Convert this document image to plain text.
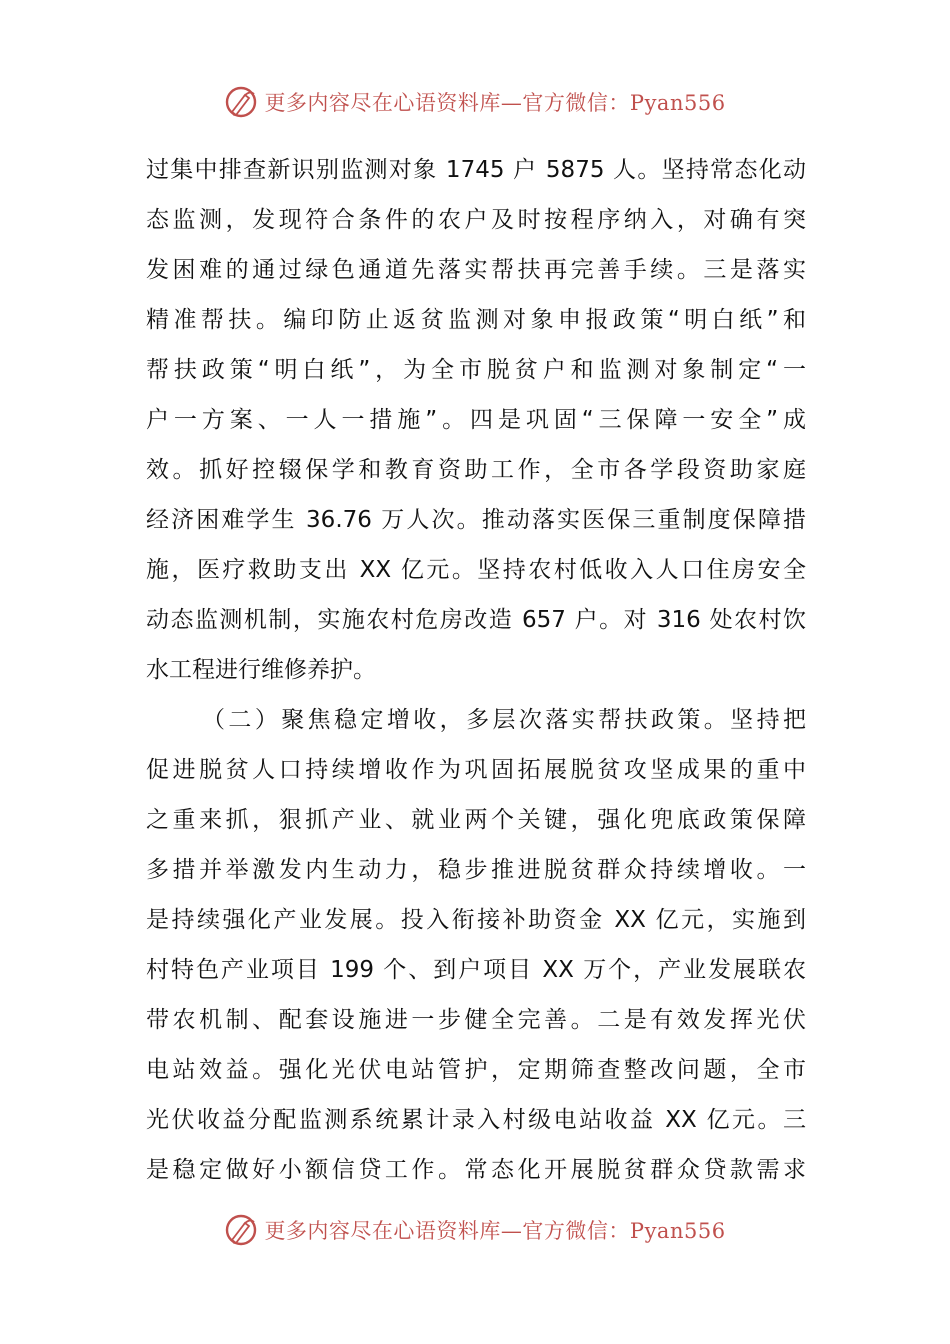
更多内容尽在心语资料库—官方微信：Pyan556
过集中排查新识别监测对象 1745 户 5875 人。坚持常态化动
态监测，发现符合条件的农户及时按程序纳入，对确有突
发困难的通过绿色通道先落实帮扶再完善手续。三是落实
精准帮扶。编印防止返贫监测对象申报政策“明白纸”和
帮扶政策“明白纸”，为全市脱贫户和监测对象制定“一
户一方案、一人一措施”。四是巩固“三保障一安全”成
效。抓好控辍保学和教育资助工作，全市各学段资助家庭
经济困难学生 36.76 万人次。推动落实医保三重制度保障措
施，医疗救助支出 XX 亿元。坚持农村低收入人口住房安全
动态监测机制，实施农村危房改造 657 户。对 316 处农村饮
水工程进行维修养护。
（二）聚焦稳定增收，多层次落实帮扶政策。坚持把
促进脱贫人口持续增收作为巩固拓展脱贫攻坚成果的重中
之重来抓，狠抓产业、就业两个关键，强化兜底政策保障
多措并举激发内生动力，稳步推进脱贫群众持续增收。一
是持续强化产业发展。投入衔接补助资金 XX 亿元，实施到
村特色产业项目 199 个、到户项目 XX 万个，产业发展联农
带农机制、配套设施进一步健全完善。二是有效发挥光伏
电站效益。强化光伏电站管护，定期筛查整改问题，全市
光伏收益分配监测系统累计录入村级电站收益 XX 亿元。三
是稳定做好小额信贷工作。常态化开展脱贫群众贷款需求
更多内容尽在心语资料库—官方微信：Pyan556
